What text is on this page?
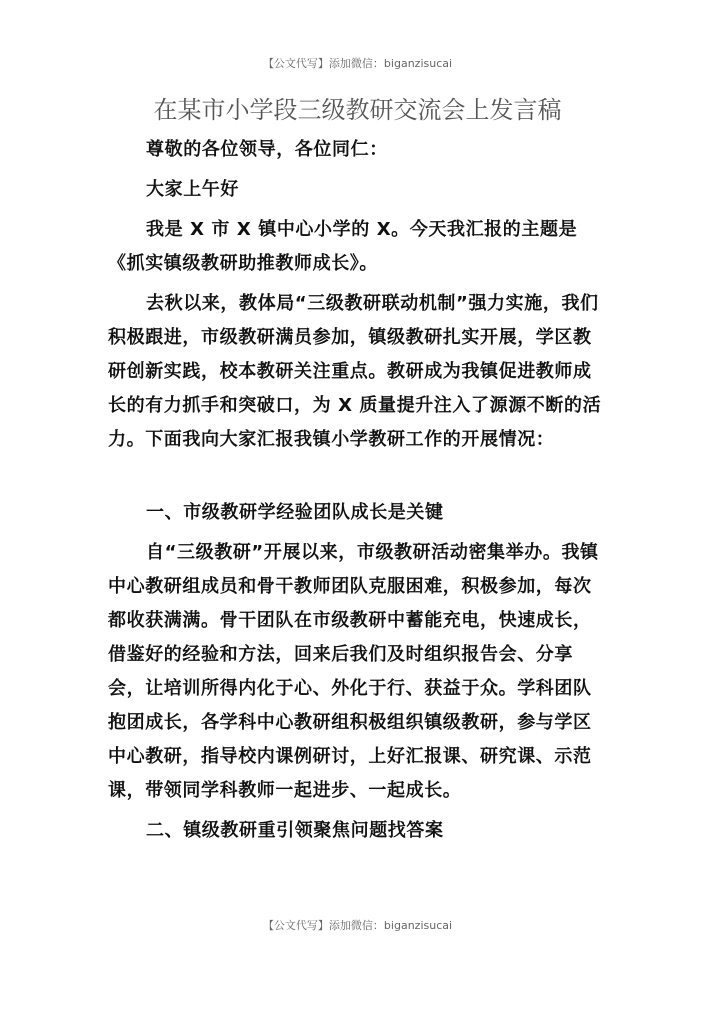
【公文代写】添加微信：biganzisucai
在某市小学段三级教研交流会上发言稿

尊敬的各位领导，各位同仁：

大家上午好

我是 X 市 X 镇中心小学的 X。今天我汇报的主题是《抓实镇级教研助推教师成长》。

去秋以来，教体局“三级教研联动机制”强力实施，我们积极跟进，市级教研满员参加，镇级教研扎实开展，学区教研创新实践，校本教研关注重点。教研成为我镇促进教师成长的有力抓手和突破口，为 X 质量提升注入了源源不断的活力。下面我向大家汇报我镇小学教研工作的开展情况：

一、市级教研学经验团队成长是关键

自“三级教研”开展以来，市级教研活动密集举办。我镇中心教研组成员和骨干教师团队克服困难，积极参加，每次都收获满满。骨干团队在市级教研中蓄能充电，快速成长，借鉴好的经验和方法，回来后我们及时组织报告会、分享会，让培训所得内化于心、外化于行、获益于众。学科团队抱团成长，各学科中心教研组积极组织镇级教研，参与学区中心教研，指导校内课例研讨，上好汇报课、研究课、示范课，带领同学科教师一起进步、一起成长。

二、镇级教研重引领聚焦问题找答案

【公文代写】添加微信：biganzisucai
